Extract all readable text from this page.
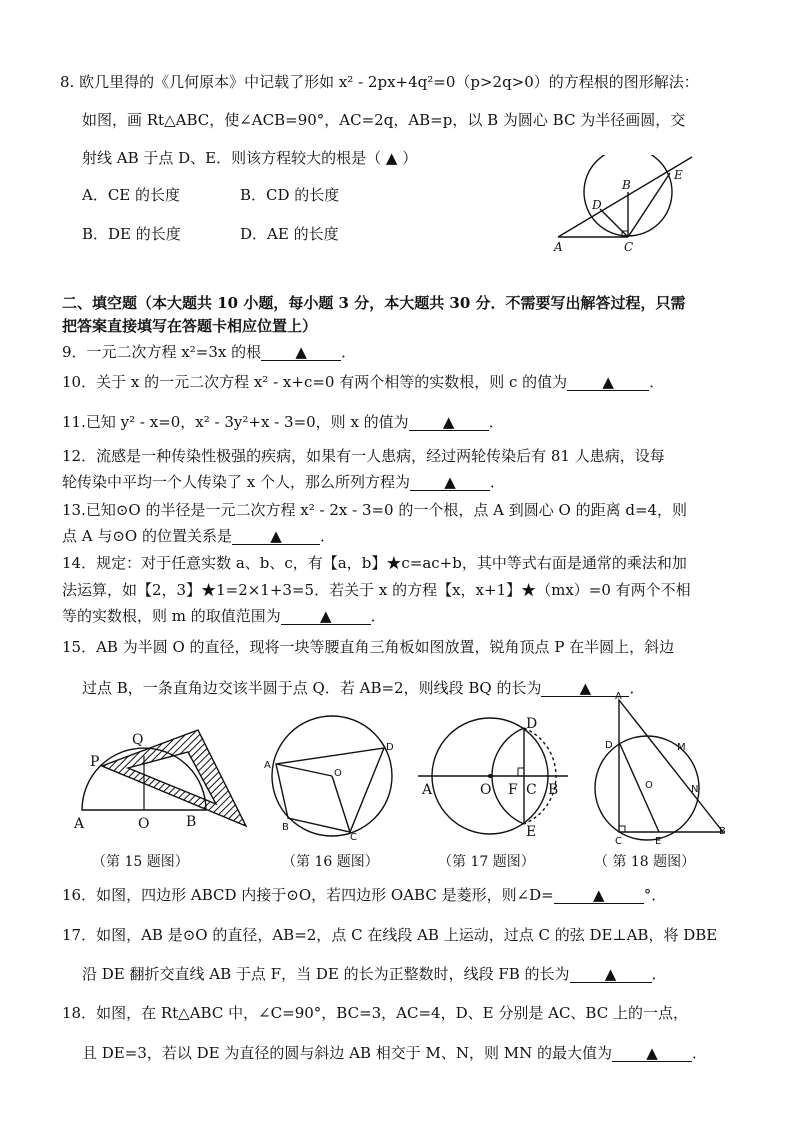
8. 欧几里得的《几何原本》中记载了形如 x² - 2px+4q²=0（p>2q>0）的方程根的图形解法：
如图，画 Rt△ABC，使∠ACB=90°，AC=2q，AB=p，以 B 为圆心 BC 为半径画圆，交
射线 AB 于点 D、E．则该方程较大的根是（ ▲ ）
A．CE 的长度	B．CD 的长度
B．DE 的长度	D．AE 的长度
A
B
C
D
E
二、填空题（本大题共 10 小题，每小题 3 分，本大题共 30 分．不需要写出解答过程，只需
把答案直接填写在答题卡相应位置上）
9．一元二次方程 x²=3x 的根 ▲ ．
10．关于 x 的一元二次方程 x² - x+c=0 有两个相等的实数根，则 c 的值为 ▲ ．
11.已知 y² - x=0，x² - 3y²+x - 3=0，则 x 的值为 ▲ ．
12．流感是一种传染性极强的疾病，如果有一人患病，经过两轮传染后有 81 人患病，设每
轮传染中平均一个人传染了 x 个人，那么所列方程为 ▲ ．
13.已知⊙O 的半径是一元二次方程 x² - 2x - 3=0 的一个根，点 A 到圆心 O 的距离 d=4，则
点 A 与⊙O 的位置关系是	▲	．
14．规定：对于任意实数 a、b、c，有【a，b】★c=ac+b，其中等式右面是通常的乘法和加
法运算，如【2，3】★1=2×1+3=5．若关于 x 的方程【x，x+1】★（mx）=0 有两个不相
等的实数根，则 m 的取值范围为	▲	．
15．AB 为半圆 O 的直径，现将一块等腰直角三角板如图放置，锐角顶点 P 在半圆上，斜边
过点 B，一条直角边交该半圆于点 Q．若 AB=2，则线段 BQ 的长为	▲	．
A	O	B
P
Q
（第 15 题图）
A
B
C
D
O
（第 16 题图）
A	O F C B
D
E
（第 17 题图）
A
D	M
O	N
C	E
B
（ 第 18 题图）
16．如图，四边形 ABCD 内接于⊙O，若四边形 OABC 是菱形，则∠D=	▲	°．
17．如图，AB 是⊙O 的直径，AB=2，点 C 在线段 AB 上运动，过点 C 的弦 DE⊥AB，将 DBE
沿 DE 翻折交直线 AB 于点 F，当 DE 的长为正整数时，线段 FB 的长为 ▲ ．
18．如图，在 Rt△ABC 中，∠C=90°，BC=3，AC=4，D、E 分别是 AC、BC 上的一点，
且 DE=3，若以 DE 为直径的圆与斜边 AB 相交于 M、N，则 MN 的最大值为 ▲ ．
